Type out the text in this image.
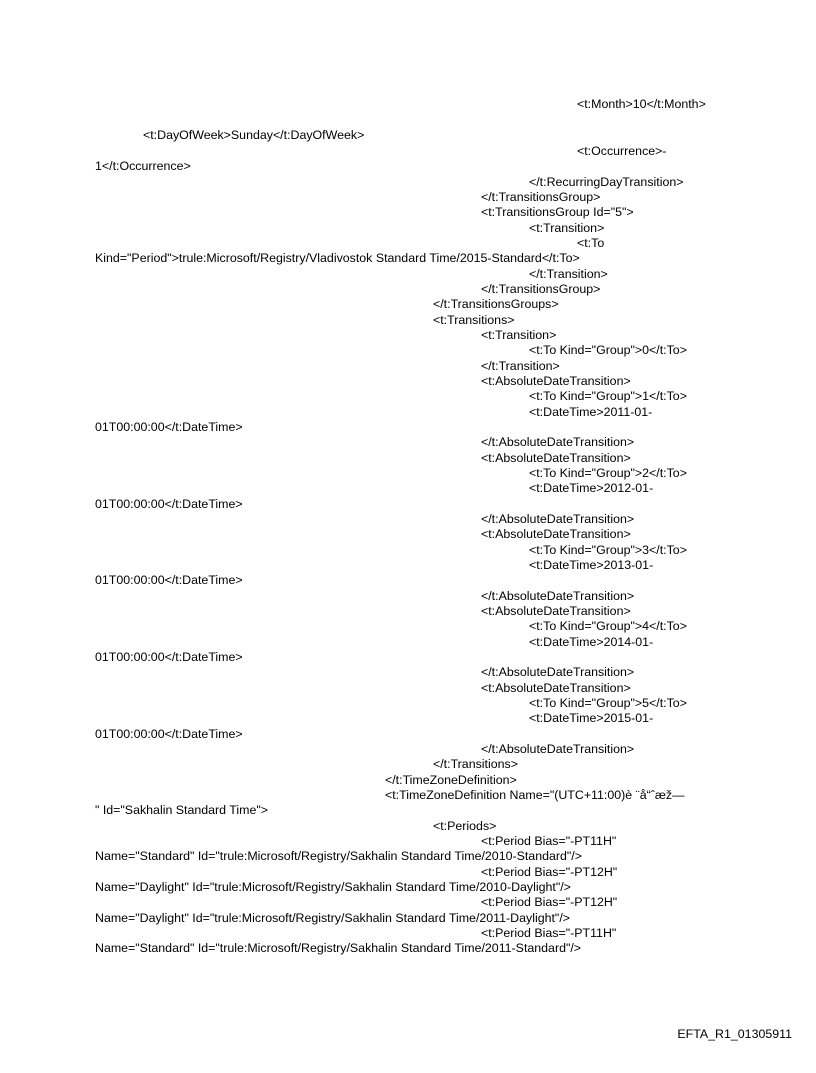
<t:Month>10</t:Month>
<t:DayOfWeek>Sunday</t:DayOfWeek>
<t:Occurrence>-
1</t:Occurrence>
</t:RecurringDayTransition>
</t:TransitionsGroup>
<t:TransitionsGroup Id="5">
<t:Transition>
<t:To
Kind="Period">trule:Microsoft/Registry/Vladivostok Standard Time/2015-Standard</t:To>
</t:Transition>
</t:TransitionsGroup>
</t:TransitionsGroups>
<t:Transitions>
<t:Transition>
<t:To Kind="Group">0</t:To>
</t:Transition>
<t:AbsoluteDateTransition>
<t:To Kind="Group">1</t:To>
<t:DateTime>2011-01-
01T00:00:00</t:DateTime>
</t:AbsoluteDateTransition>
<t:AbsoluteDateTransition>
<t:To Kind="Group">2</t:To>
<t:DateTime>2012-01-
01T00:00:00</t:DateTime>
</t:AbsoluteDateTransition>
<t:AbsoluteDateTransition>
<t:To Kind="Group">3</t:To>
<t:DateTime>2013-01-
01T00:00:00</t:DateTime>
</t:AbsoluteDateTransition>
<t:AbsoluteDateTransition>
<t:To Kind="Group">4</t:To>
<t:DateTime>2014-01-
01T00:00:00</t:DateTime>
</t:AbsoluteDateTransition>
<t:AbsoluteDateTransition>
<t:To Kind="Group">5</t:To>
<t:DateTime>2015-01-
01T00:00:00</t:DateTime>
</t:AbsoluteDateTransition>
</t:Transitions>
</t:TimeZoneDefinition>
<t:TimeZoneDefinition Name="(UTC+11:00)è ¨å“ˆæž—
" Id="Sakhalin Standard Time">
<t:Periods>
<t:Period Bias="-PT11H"
Name="Standard" Id="trule:Microsoft/Registry/Sakhalin Standard Time/2010-Standard"/>
<t:Period Bias="-PT12H"
Name="Daylight" Id="trule:Microsoft/Registry/Sakhalin Standard Time/2010-Daylight"/>
<t:Period Bias="-PT12H"
Name="Daylight" Id="trule:Microsoft/Registry/Sakhalin Standard Time/2011-Daylight"/>
<t:Period Bias="-PT11H"
Name="Standard" Id="trule:Microsoft/Registry/Sakhalin Standard Time/2011-Standard"/>
EFTA_R1_01305911
